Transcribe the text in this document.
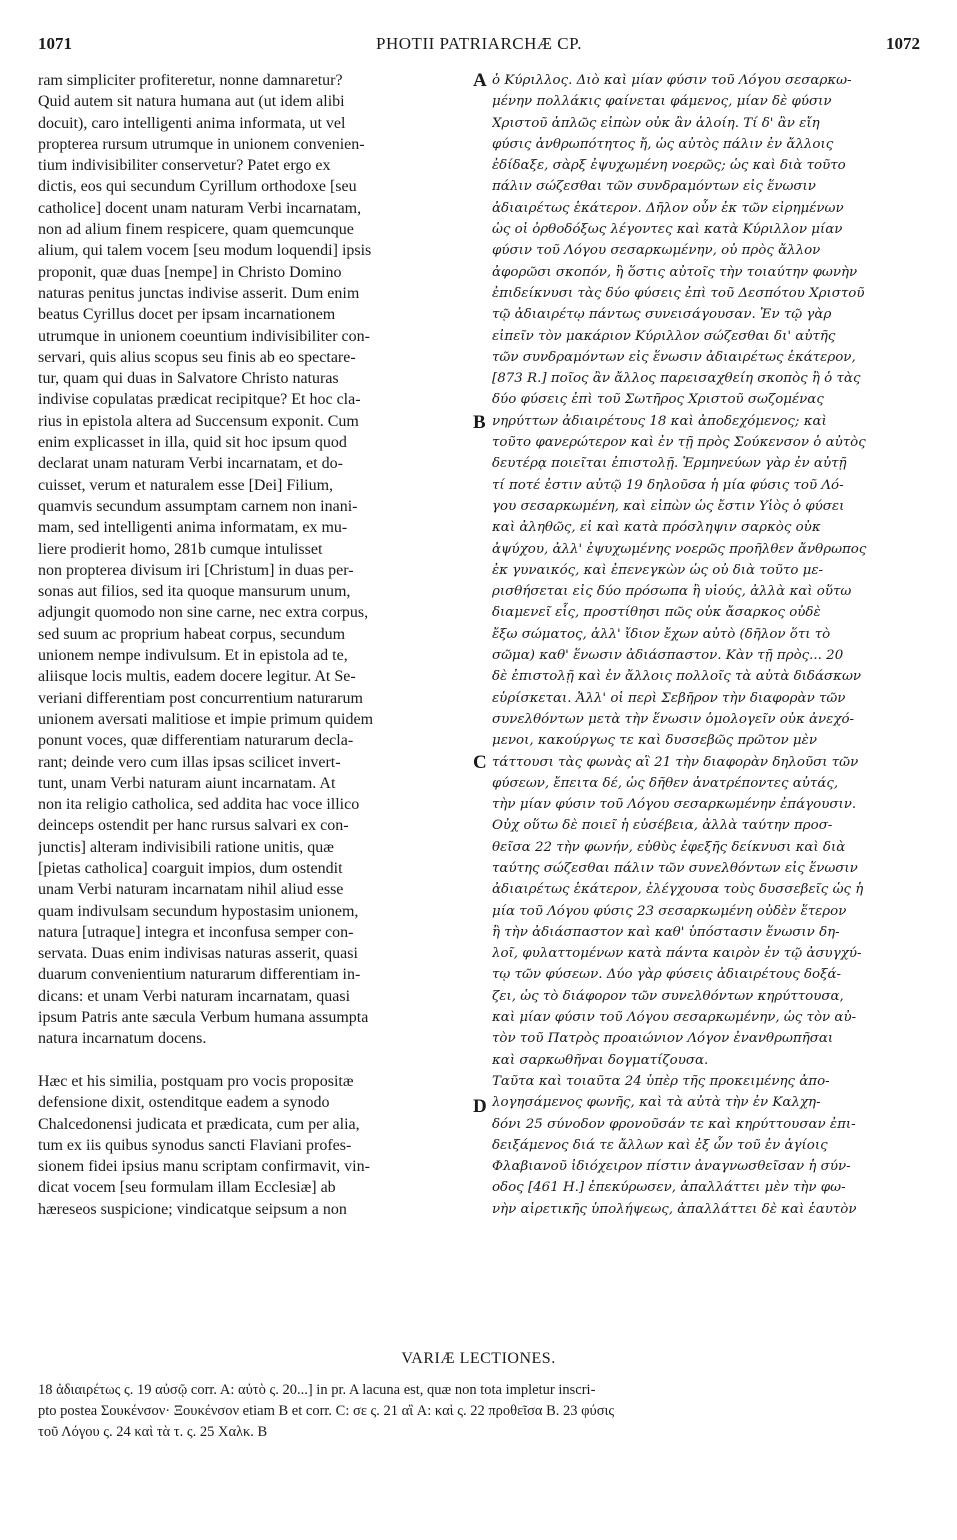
1071	PHOTII PATRIARCHÆ CP.	1072
ram simpliciter profiteretur, nonne damnaretur?
Quid autem sit natura humana aut (ut idem alibi
docuit), caro intelligenti anima informata, ut vel
propterea rursum utrumque in unionem convenien-
tium indivisibiliter conservetur? Patet ergo ex
dictis, eos qui secundum Cyrillum orthodoxe [seu
catholice] docent unam naturam Verbi incarnatam,
non ad alium finem respicere, quam quemcunque
alium, qui talem vocem [seu modum loquendi] ipsis
proponit, quæ duas [nempe] in Christo Domino
naturas penitus junctas indivise asserit. Dum enim
beatus Cyrillus docet per ipsam incarnationem
utrumque in unionem coeuntium indivisibiliter con-
servari, quis alius scopus seu finis ab eo spectare-
tur, quam qui duas in Salvatore Christo naturas
indivise copulatas prædicat recipitque? Et hoc cla-
rius in epistola altera ad Succensum exponit. Cum
enim explicasset in illa, quid sit hoc ipsum quod
declarat unam naturam Verbi incarnatam, et do-
cuisset, verum et naturalem esse [Dei] Filium,
quamvis secundum assumptam carnem non inani-
mam, sed intelligenti anima informatam, ex mu-
liere prodierit homo, 281b cumque intulisset
non propterea divisum iri [Christum] in duas per-
sonas aut filios, sed ita quoque mansurum unum,
adjungit quomodo non sine carne, nec extra corpus,
sed suum ac proprium habeat corpus, secundum
unionem nempe indivulsum. Et in epistola ad te,
aliisque locis multis, eadem docere legitur. At Se-
veriani differentiam post concurrentium naturarum
unionem aversati malitiose et impie primum quidem
ponunt voces, quæ differentiam naturarum decla-
rant; deinde vero cum illas ipsas scilicet invert-
tunt, unam Verbi naturam aiunt incarnatam. At
non ita religio catholica, sed addita hac voce illico
deinceps ostendit per hanc rursus salvari ex con-
junctis] alteram indivisibili ratione unitis, quæ
[pietas catholica] coarguit impios, dum ostendit
unam Verbi naturam incarnatam nihil aliud esse
quam indivulsam secundum hypostasim unionem,
natura [utraque] integra et inconfusa semper con-
servata. Duas enim indivisas naturas asserit, quasi
duarum convenientium naturarum differentiam in-
dicans: et unam Verbi naturam incarnatam, quasi
ipsum Patris ante sæcula Verbum humana assumpta
natura incarnatum docens.
Hæc et his similia, postquam pro vocis propositæ
defensione dixit, ostenditque eadem a synodo
Chalcedonensi judicata et prædicata, cum per alia,
tum ex iis quibus synodus sancti Flaviani profes-
sionem fidei ipsius manu scriptam confirmavit, vin-
dicat vocem [seu formulam illam Ecclesiæ] ab
hæreseos suspicione; vindicatque seipsum a non
ὁ Κύριλλος. Διὸ καὶ μίαν φύσιν τοῦ Λόγου σεσαρκω-
μένην πολλάκις φαίνεται φάμενος, μίαν δὲ φύσιν
Χριστοῦ ἁπλῶς εἰπὼν οὐκ ἂν ἁλοίη. Τί δ' ἂν εἴη
φύσις ἀνθρωπότητος ἤ, ὡς αὐτὸς πάλιν ἐν ἄλλοις
ἐδίδαξε, σὰρξ ἐψυχωμένη νοερῶς; ὡς καὶ διὰ τοῦτο
πάλιν σώζεσθαι τῶν συνδραμόντων εἰς ἕνωσιν
ἀδιαιρέτως ἑκάτερον. Δῆλον οὖν ἐκ τῶν εἰρημένων
ὡς οἱ ὀρθοδόξως λέγοντες καὶ κατὰ Κύριλλον μίαν
φύσιν τοῦ Λόγου σεσαρκωμένην, οὐ πρὸς ἄλλον
ἀφορῶσι σκοπόν, ἢ ὅστις αὐτοῖς τὴν τοιαύτην φωνὴν
ἐπιδείκνυσι τὰς δύο φύσεις ἐπὶ τοῦ Δεσπότου Χριστοῦ
τῷ ἀδιαιρέτῳ πάντως συνεισάγουσαν. Ἐν τῷ γὰρ
εἰπεῖν τὸν μακάριον Κύριλλον σώζεσθαι δι' αὐτῆς
τῶν συνδραμόντων εἰς ἕνωσιν ἀδιαιρέτως ἑκάτερον,
[873 R.] ποῖος ἂν ἄλλος παρεισαχθείη σκοπὸς ἢ ὁ τὰς
δύο φύσεις ἐπὶ τοῦ Σωτῆρος Χριστοῦ σωζομένας
νηρύττων ἀδιαιρέτους 18 καὶ ἀποδεχόμενος; καὶ
τοῦτο φανερώτερον καὶ ἐν τῇ πρὸς Σούκενσον ὁ αὐτὸς
δευτέρᾳ ποιεῖται ἐπιστολῇ. Ἑρμηνεύων γὰρ ἐν αὐτῇ
τί ποτέ ἐστιν αὐτῷ 19 δηλοῦσα ἡ μία φύσις τοῦ Λό-
γου σεσαρκωμένη, καὶ εἰπὼν ὡς ἔστιν Υἱὸς ὁ φύσει
καὶ ἀληθῶς, εἰ καὶ κατὰ πρόσληψιν σαρκὸς οὐκ
ἀψύχου, ἀλλ' ἐψυχωμένης νοερῶς προῆλθεν ἄνθρωπος
ἐκ γυναικός, καὶ ἐπενεγκὼν ὡς οὐ διὰ τοῦτο με-
ρισθήσεται εἰς δύο πρόσωπα ἢ υἱούς, ἀλλὰ καὶ οὕτω
διαμενεῖ εἷς, προστίθησι πῶς οὐκ ἄσαρκος οὐδὲ
ἔξω σώματος, ἀλλ' ἴδιον ἔχων αὐτὸ (δῆλον ὅτι τὸ
σῶμα) καθ' ἕνωσιν ἀδιάσπαστον. Κὰν τῇ πρὸς... 20
δὲ ἐπιστολῇ καὶ ἐν ἄλλοις πολλοῖς τὰ αὐτὰ διδάσκων
εὑρίσκεται. Ἀλλ' οἱ περὶ Σεβῆρον τὴν διαφορὰν τῶν
συνελθόντων μετὰ τὴν ἕνωσιν ὁμολογεῖν οὐκ ἀνεχό-
μενοι, κακούργως τε καὶ δυσσεβῶς πρῶτον μὲν
τάττουσι τὰς φωνὰς αἳ 21 τὴν διαφορὰν δηλοῦσι τῶν
φύσεων, ἔπειτα δέ, ὡς δῆθεν ἀνατρέποντες αὐτάς,
τὴν μίαν φύσιν τοῦ Λόγου σεσαρκωμένην ἐπάγουσιν.
Οὐχ οὕτω δὲ ποιεῖ ἡ εὐσέβεια, ἀλλὰ ταύτην προσ-
θεῖσα 22 τὴν φωνήν, εὐθὺς ἐφεξῆς δείκνυσι καὶ διὰ
ταύτης σώζεσθαι πάλιν τῶν συνελθόντων εἰς ἕνωσιν
ἀδιαιρέτως ἑκάτερον, ἐλέγχουσα τοὺς δυσσεβεῖς ὡς ἡ
μία τοῦ Λόγου φύσις 23 σεσαρκωμένη οὐδὲν ἕτερον
ἢ τὴν ἀδιάσπαστον καὶ καθ' ὑπόστασιν ἕνωσιν δη-
λοῖ, φυλαττομένων κατὰ πάντα καιρὸν ἐν τῷ ἀσυγχύ-
τῳ τῶν φύσεων. Δύο γὰρ φύσεις ἀδιαιρέτους δοξά-
ζει, ὡς τὸ διάφορον τῶν συνελθόντων κηρύττουσα,
καὶ μίαν φύσιν τοῦ Λόγου σεσαρκωμένην, ὡς τὸν αὐ-
τὸν τοῦ Πατρὸς προαιώνιον Λόγον ἐνανθρωπῆσαι
καὶ σαρκωθῆναι δογματίζουσα.
Ταῦτα καὶ τοιαῦτα 24 ὑπὲρ τῆς προκειμένης ἀπο-
λογησάμενος φωνῆς, καὶ τὰ αὐτὰ τὴν ἐν Καλχη-
δόνι 25 σύνοδον φρονοῦσάν τε καὶ κηρύττουσαν ἐπι-
δειξάμενος διά τε ἄλλων καὶ ἐξ ὧν τοῦ ἐν ἁγίοις
Φλαβιανοῦ ἰδιόχειρον πίστιν ἀναγνωσθεῖσαν ἡ σύν-
οδος [461 H.] ἐπεκύρωσεν, ἀπαλλάττει μὲν τὴν φω-
νὴν αἱρετικῆς ὑπολήψεως, ἀπαλλάττει δὲ καὶ ἑαυτὸν
A
B
C
D
VARIÆ LECTIONES.
18 ἀδιαιρέτως ς. 19 αὐσῷ corr. A: αὐτὸ ς. 20...] in pr. A lacuna est, quæ non tota impletur inscri-
pto postea Σουκένσον· Ξουκένσον etiam B et corr. C: σε ς. 21 αἳ A: καὶ ς. 22 προθεῖσα B. 23 φύσις
τοῦ Λόγου ς. 24 καὶ τὰ τ. ς. 25 Χαλκ. B
